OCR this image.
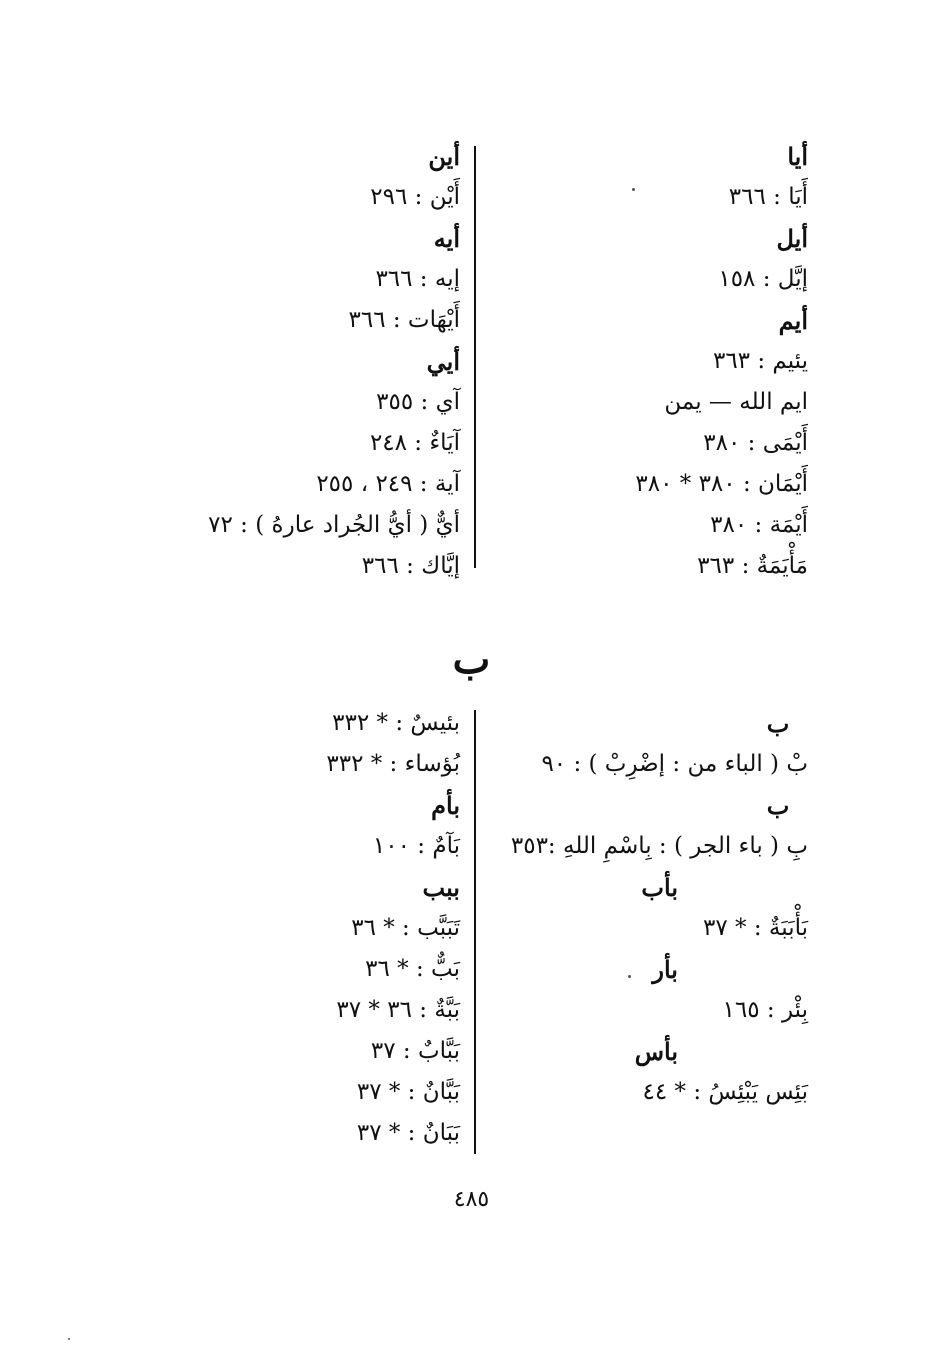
أيا
أَيَا : ٣٦٦
أيل
إيَّل : ١٥٨
أيم
يئيم : ٣٦٣
ايم الله — يمن
أَيْمَى : ٣٨٠
أَيْمَان : ٣٨٠ * ٣٨٠
أَيْمَة : ٣٨٠
مَأْيَمَةٌ : ٣٦٣
أين
أَيْن : ٢٩٦
أيه
إيه : ٣٦٦
أَيْهَات : ٣٦٦
أيي
آي : ٣٥٥
آيَاءٌ : ٢٤٨
آية : ٢٤٩ ، ٢٥٥
أيٌّ ( أيُّ الجُراد عارهُ ) : ٧٢
إيَّاك : ٣٦٦
ب
ب
بْ ( الباء من : إضْرِبْ ) : ٩٠
ب
بِ ( باء الجر ) : بِاسْمِ اللهِ :٣٥٣
بأب
بَأْبَبَةٌ : * ٣٧
بأر
بِئْر : ١٦٥
بأس
بَئِس يَبْئِسُ : * ٤٤
بئيسٌ : * ٣٣٢
بُؤساء : * ٣٣٢
بأم
بَآمٌ : ١٠٠
ببب
تَبَبَّب : * ٣٦
بَبٌّ : * ٣٦
بَبَّةٌ : ٣٦ * ٣٧
بَبَّابٌ : ٣٧
بَبَّانٌ : * ٣٧
بَبَانٌ : * ٣٧
٤٨٥
